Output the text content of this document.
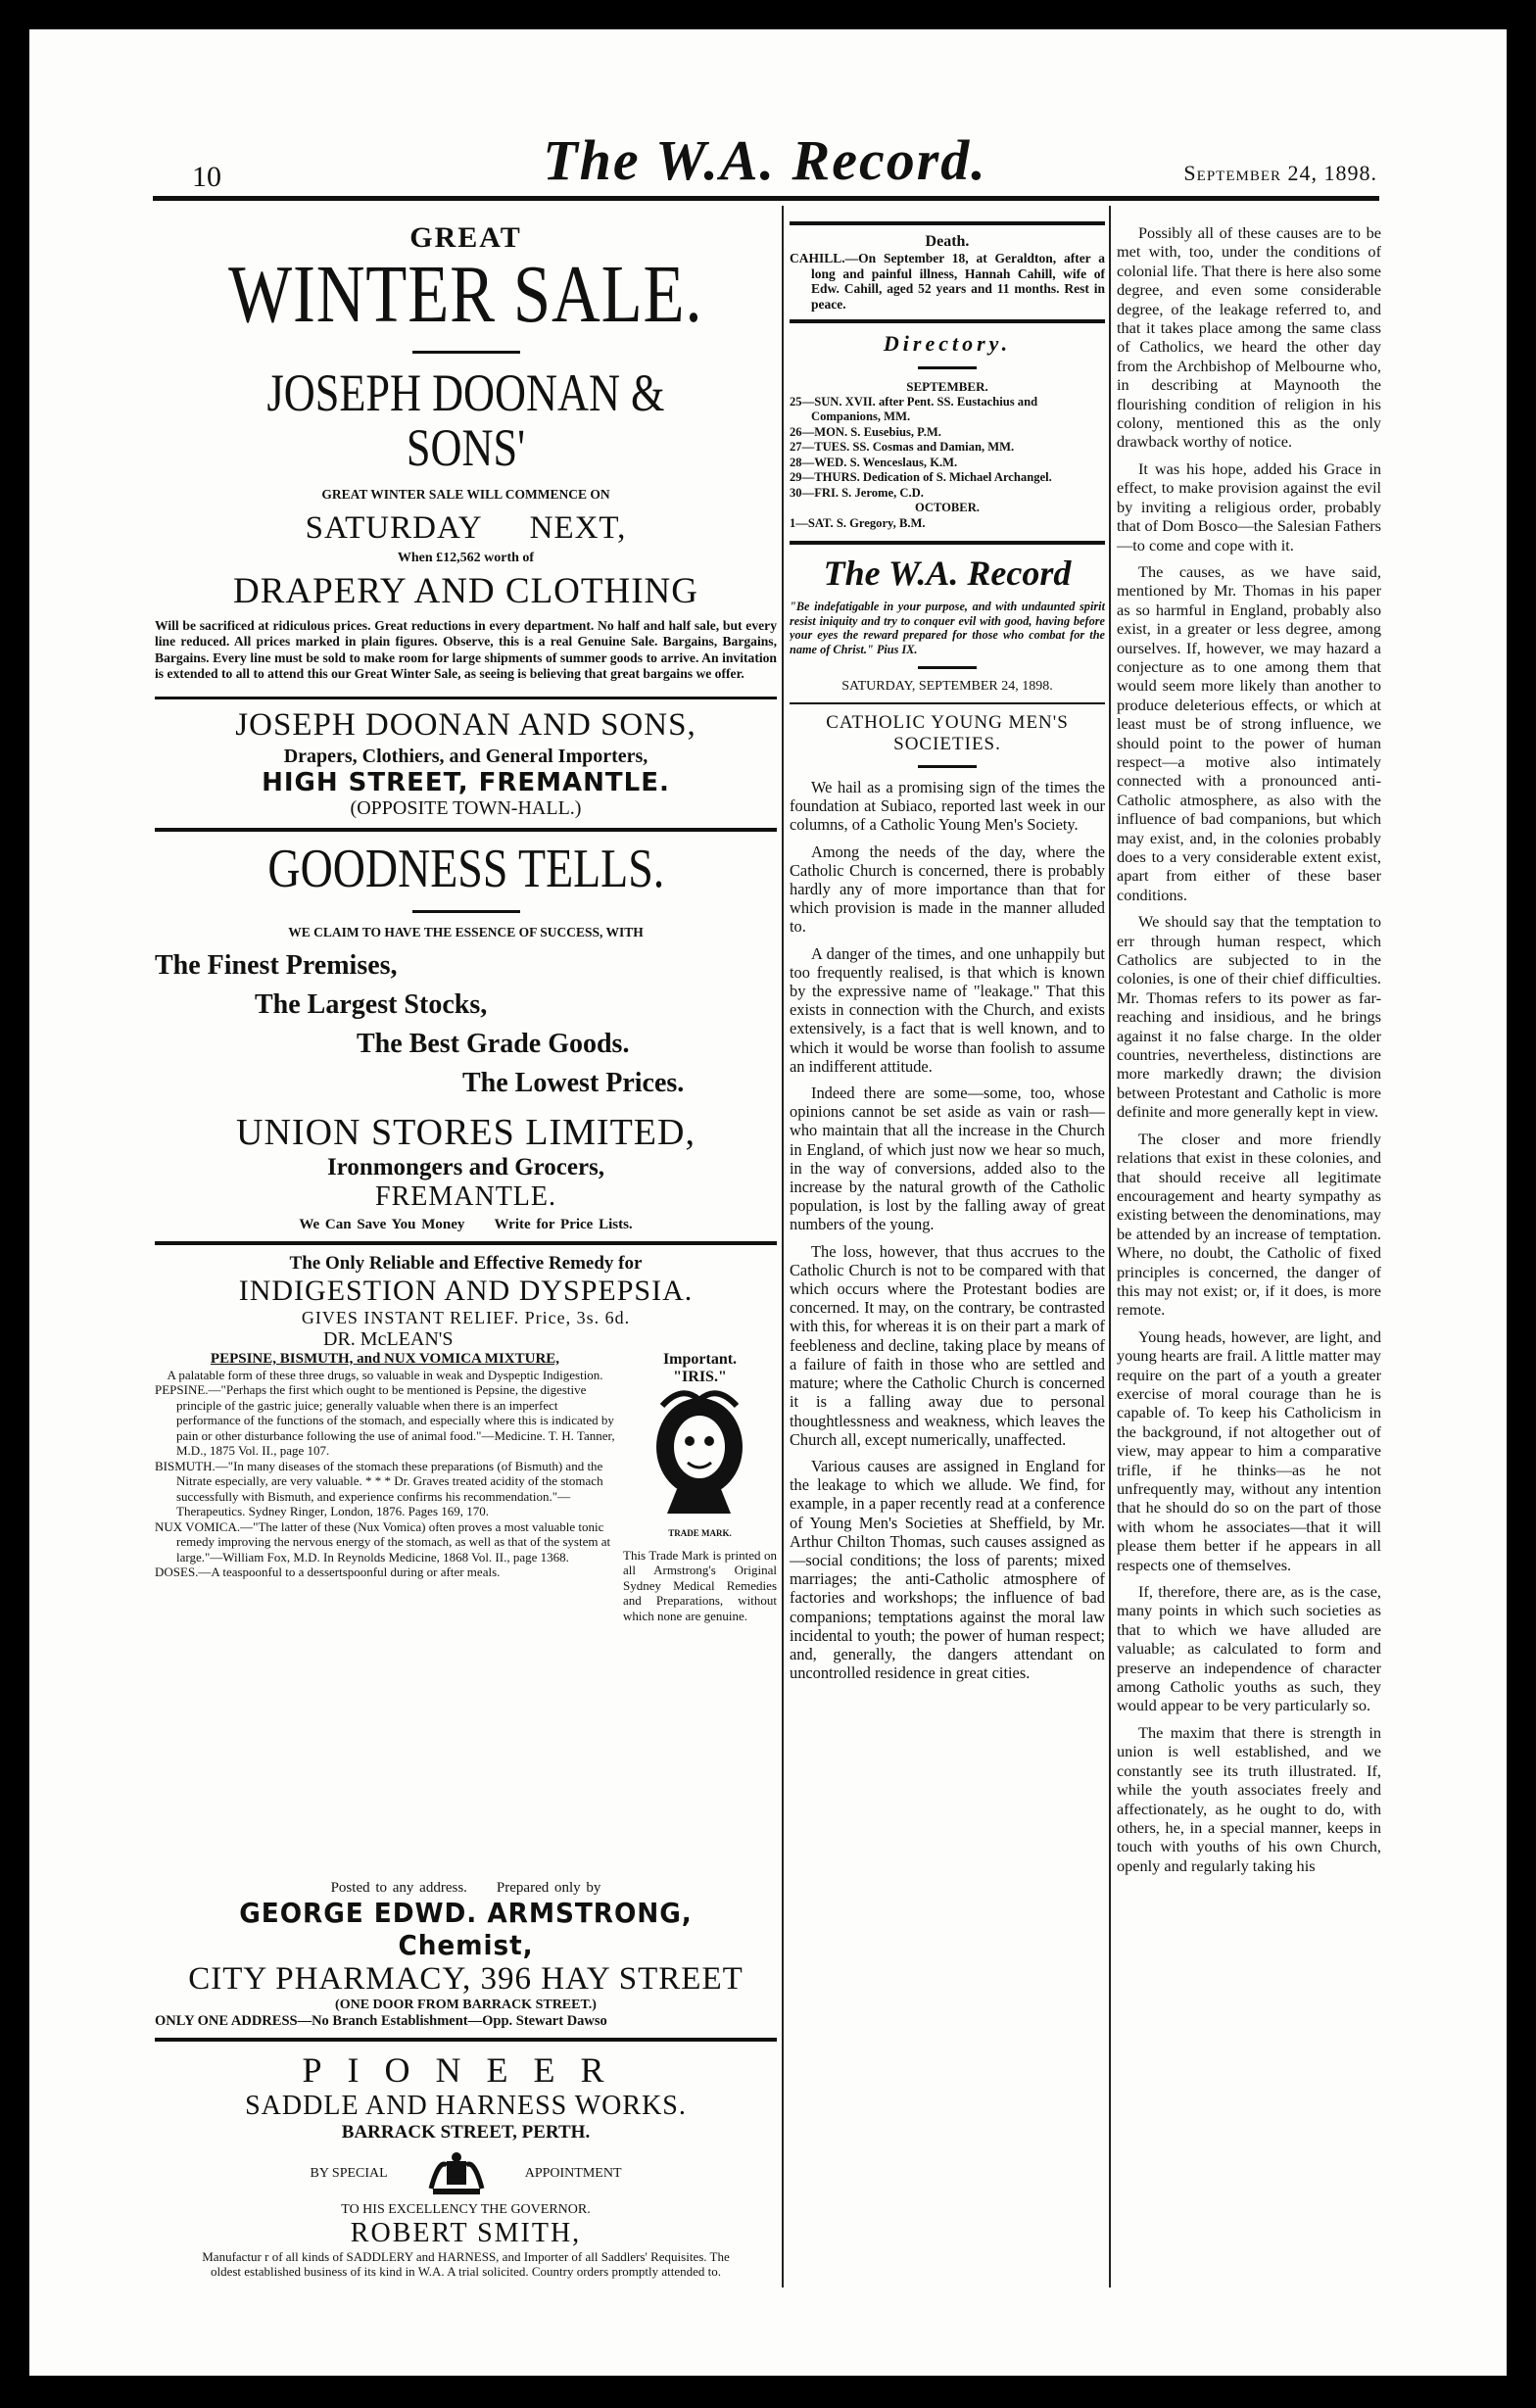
10	The W.A. Record.	September 24, 1898.
GREAT
WINTER SALE.
JOSEPH DOONAN & SONS'
GREAT WINTER SALE WILL COMMENCE ON
SATURDAY NEXT,
When £12,562 worth of
DRAPERY AND CLOTHING
Will be sacrificed at ridiculous prices. Great reductions in every department. No half and half sale, but every line reduced. All prices marked in plain figures. Observe, this is a real Genuine Sale. Bargains, Bargains, Bargains. Every line must be sold to make room for large shipments of summer goods to arrive. An invitation is extended to all to attend this our Great Winter Sale, as seeing is believing that great bargains we offer.
JOSEPH DOONAN AND SONS,
Drapers, Clothiers, and General Importers,
HIGH STREET, FREMANTLE.
(OPPOSITE TOWN-HALL.)
GOODNESS TELLS.
WE CLAIM TO HAVE THE ESSENCE OF SUCCESS, WITH
The Finest Premises,
The Largest Stocks,
The Best Grade Goods.
The Lowest Prices.
UNION STORES LIMITED,
Ironmongers and Grocers,
FREMANTLE.
We Can Save You Money Write for Price Lists.
The Only Reliable and Effective Remedy for
INDIGESTION AND DYSPEPSIA.
GIVES INSTANT RELIEF. Price, 3s. 6d.
DR. McLEAN'S
PEPSINE, BISMUTH, and NUX VOMICA MIXTURE,
A palatable form of these three drugs, so valuable in weak and Dyspeptic Indigestion.
PEPSINE.—"Perhaps the first which ought to be mentioned is Pepsine, the digestive principle of the gastric juice; generally valuable when there is an imperfect performance of the functions of the stomach, and especially where this is indicated by pain or other disturbance following the use of animal food."—Medicine. T. H. Tanner, M.D., 1875 Vol. II., page 107.
BISMUTH.—"In many diseases of the stomach these preparations (of Bismuth) and the Nitrate especially, are very valuable. * * * Dr. Graves treated acidity of the stomach successfully with Bismuth, and experience confirms his recommendation."—Therapeutics. Sydney Ringer, London, 1876. Pages 169, 170.
NUX VOMICA.—"The latter of these (Nux Vomica) often proves a most valuable tonic remedy improving the nervous energy of the stomach, as well as that of the system at large."—William Fox, M.D. In Reynolds Medicine, 1868 Vol. II., page 1368.
DOSES.—A teaspoonful to a dessertspoonful during or after meals.
Important.
"IRIS."
TRADE MARK.
This Trade Mark is printed on all Armstrong's Original Sydney Medical Remedies and Preparations, without which none are genuine.
Posted to any address. Prepared only by
GEORGE EDWD. ARMSTRONG, Chemist,
CITY PHARMACY, 396 HAY STREET
(ONE DOOR FROM BARRACK STREET.)
ONLY ONE ADDRESS—No Branch Establishment—Opp. Stewart Dawso
PIONEER
SADDLE AND HARNESS WORKS.
BARRACK STREET, PERTH.
BY SPECIAL	APPOINTMENT
TO HIS EXCELLENCY THE GOVERNOR.
ROBERT SMITH,
Manufactur r of all kinds of SADDLERY and HARNESS, and Importer of all Saddlers' Requisites. The oldest established business of its kind in W.A. A trial solicited. Country orders promptly attended to.
Death.
CAHILL.—On September 18, at Geraldton, after a long and painful illness, Hannah Cahill, wife of Edw. Cahill, aged 52 years and 11 months. Rest in peace.
Directory.
SEPTEMBER.
25—SUN. XVII. after Pent. SS. Eustachius and Companions, MM.
26—MON. S. Eusebius, P.M.
27—TUES. SS. Cosmas and Damian, MM.
28—WED. S. Wenceslaus, K.M.
29—THURS. Dedication of S. Michael Archangel.
30—FRI. S. Jerome, C.D.
OCTOBER.
1—SAT. S. Gregory, B.M.
The W.A. Record
"Be indefatigable in your purpose, and with undaunted spirit resist iniquity and try to conquer evil with good, having before your eyes the reward prepared for those who combat for the name of Christ." Pius IX.
SATURDAY, SEPTEMBER 24, 1898.
CATHOLIC YOUNG MEN'S SOCIETIES.

We hail as a promising sign of the times the foundation at Subiaco, reported last week in our columns, of a Catholic Young Men's Society.

Among the needs of the day, where the Catholic Church is concerned, there is probably hardly any of more importance than that for which provision is made in the manner alluded to.

A danger of the times, and one unhappily but too frequently realised, is that which is known by the expressive name of "leakage." That this exists in connection with the Church, and exists extensively, is a fact that is well known, and to which it would be worse than foolish to assume an indifferent attitude.

Indeed there are some—some, too, whose opinions cannot be set aside as vain or rash—who maintain that all the increase in the Church in England, of which just now we hear so much, in the way of conversions, added also to the increase by the natural growth of the Catholic population, is lost by the falling away of great numbers of the young.

The loss, however, that thus accrues to the Catholic Church is not to be compared with that which occurs where the Protestant bodies are concerned. It may, on the contrary, be contrasted with this, for whereas it is on their part a mark of feebleness and decline, taking place by means of a failure of faith in those who are settled and mature; where the Catholic Church is concerned it is a falling away due to personal thoughtlessness and weakness, which leaves the Church all, except numerically, unaffected.

Various causes are assigned in England for the leakage to which we allude. We find, for example, in a paper recently read at a conference of Young Men's Societies at Sheffield, by Mr. Arthur Chilton Thomas, such causes assigned as—social conditions; the loss of parents; mixed marriages; the anti-Catholic atmosphere of factories and workshops; the influence of bad companions; temptations against the moral law incidental to youth; the power of human respect; and, generally, the dangers attendant on uncontrolled residence in great cities.

Possibly all of these causes are to be met with, too, under the conditions of colonial life. That there is here also some degree, and even some considerable degree, of the leakage referred to, and that it takes place among the same class of Catholics, we heard the other day from the Archbishop of Melbourne who, in describing at Maynooth the flourishing condition of religion in his colony, mentioned this as the only drawback worthy of notice.

It was his hope, added his Grace in effect, to make provision against the evil by inviting a religious order, probably that of Dom Bosco—the Salesian Fathers—to come and cope with it.

The causes, as we have said, mentioned by Mr. Thomas in his paper as so harmful in England, probably also exist, in a greater or less degree, among ourselves. If, however, we may hazard a conjecture as to one among them that would seem more likely than another to produce deleterious effects, or which at least must be of strong influence, we should point to the power of human respect—a motive also intimately connected with a pronounced anti-Catholic atmosphere, as also with the influence of bad companions, but which may exist, and, in the colonies probably does to a very considerable extent exist, apart from either of these baser conditions.

We should say that the temptation to err through human respect, which Catholics are subjected to in the colonies, is one of their chief difficulties. Mr. Thomas refers to its power as far-reaching and insidious, and he brings against it no false charge. In the older countries, nevertheless, distinctions are more markedly drawn; the division between Protestant and Catholic is more definite and more generally kept in view.

The closer and more friendly relations that exist in these colonies, and that should receive all legitimate encouragement and hearty sympathy as existing between the denominations, may be attended by an increase of temptation. Where, no doubt, the Catholic of fixed principles is concerned, the danger of this may not exist; or, if it does, is more remote.

Young heads, however, are light, and young hearts are frail. A little matter may require on the part of a youth a greater exercise of moral courage than he is capable of. To keep his Catholicism in the background, if not altogether out of view, may appear to him a comparative trifle, if he thinks—as he not unfrequently may, without any intention that he should do so on the part of those with whom he associates—that it will please them better if he appears in all respects one of themselves.

If, therefore, there are, as is the case, many points in which such societies as that to which we have alluded are valuable; as calculated to form and preserve an independence of character among Catholic youths as such, they would appear to be very particularly so.

The maxim that there is strength in union is well established, and we constantly see its truth illustrated. If, while the youth associates freely and affectionately, as he ought to do, with others, he, in a special manner, keeps in touch with youths of his own Church, openly and regularly taking his
